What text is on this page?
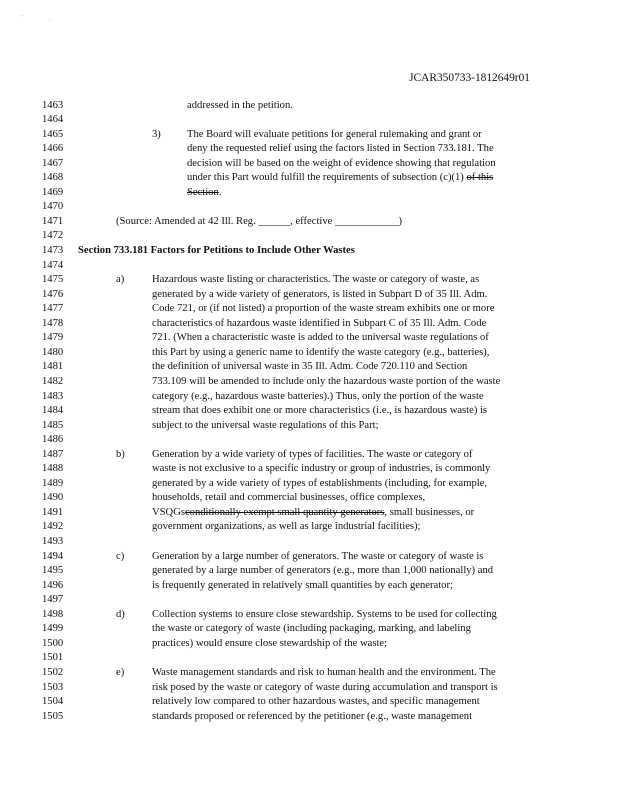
' .
JCAR350733-1812649r01
1463	addressed in the petition.
1464
1465	3) The Board will evaluate petitions for general rulemaking and grant or
1466	deny the requested relief using the factors listed in Section 733.181. The
1467	decision will be based on the weight of evidence showing that regulation
1468	under this Part would fulfill the requirements of subsection (c)(1) of this
1469	Section.
1470
1471	(Source: Amended at 42 Ill. Reg. ______, effective ____________)
1472
1473	Section 733.181 Factors for Petitions to Include Other Wastes
1474
1475	a)	Hazardous waste listing or characteristics. The waste or category of waste, as
1476	generated by a wide variety of generators, is listed in Subpart D of 35 Ill. Adm.
1477	Code 721, or (if not listed) a proportion of the waste stream exhibits one or more
1478	characteristics of hazardous waste identified in Subpart C of 35 Ill. Adm. Code
1479	721. (When a characteristic waste is added to the universal waste regulations of
1480	this Part by using a generic name to identify the waste category (e.g., batteries),
1481	the definition of universal waste in 35 Ill. Adm. Code 720.110 and Section
1482	733.109 will be amended to include only the hazardous waste portion of the waste
1483	category (e.g., hazardous waste batteries).) Thus, only the portion of the waste
1484	stream that does exhibit one or more characteristics (i.e., is hazardous waste) is
1485	subject to the universal waste regulations of this Part;
1486
1487	b)	Generation by a wide variety of types of facilities. The waste or category of
1488	waste is not exclusive to a specific industry or group of industries, is commonly
1489	generated by a wide variety of types of establishments (including, for example,
1490	households, retail and commercial businesses, office complexes,
1491	VSQGsconditionally exempt small quantity generators, small businesses, or
1492	government organizations, as well as large industrial facilities);
1493
1494	c)	Generation by a large number of generators. The waste or category of waste is
1495	generated by a large number of generators (e.g., more than 1,000 nationally) and
1496	is frequently generated in relatively small quantities by each generator;
1497
1498	d)	Collection systems to ensure close stewardship. Systems to be used for collecting
1499	the waste or category of waste (including packaging, marking, and labeling
1500	practices) would ensure close stewardship of the waste;
1501
1502	e)	Waste management standards and risk to human health and the environment. The
1503	risk posed by the waste or category of waste during accumulation and transport is
1504	relatively low compared to other hazardous wastes, and specific management
1505	standards proposed or referenced by the petitioner (e.g., waste management
